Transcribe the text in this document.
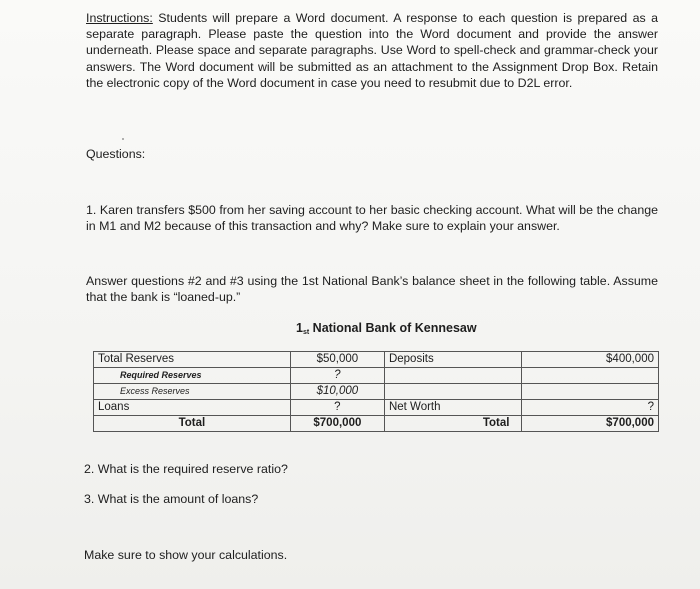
Instructions: Students will prepare a Word document. A response to each question is prepared as a separate paragraph. Please paste the question into the Word document and provide the answer underneath. Please space and separate paragraphs. Use Word to spell-check and grammar-check your answers. The Word document will be submitted as an attachment to the Assignment Drop Box. Retain the electronic copy of the Word document in case you need to resubmit due to D2L error.
Questions:
1. Karen transfers $500 from her saving account to her basic checking account. What will be the change in M1 and M2 because of this transaction and why? Make sure to explain your answer.
Answer questions #2 and #3 using the 1st National Bank’s balance sheet in the following table. Assume that the bank is “loaned-up.”
1st National Bank of Kennesaw
Total Reserves	$50,000	Deposits	$400,000
Required Reserves	?		
Excess Reserves	$10,000		
Loans	?	Net Worth	?
Total	$700,000	Total	$700,000
2. What is the required reserve ratio?
3. What is the amount of loans?
Make sure to show your calculations.
